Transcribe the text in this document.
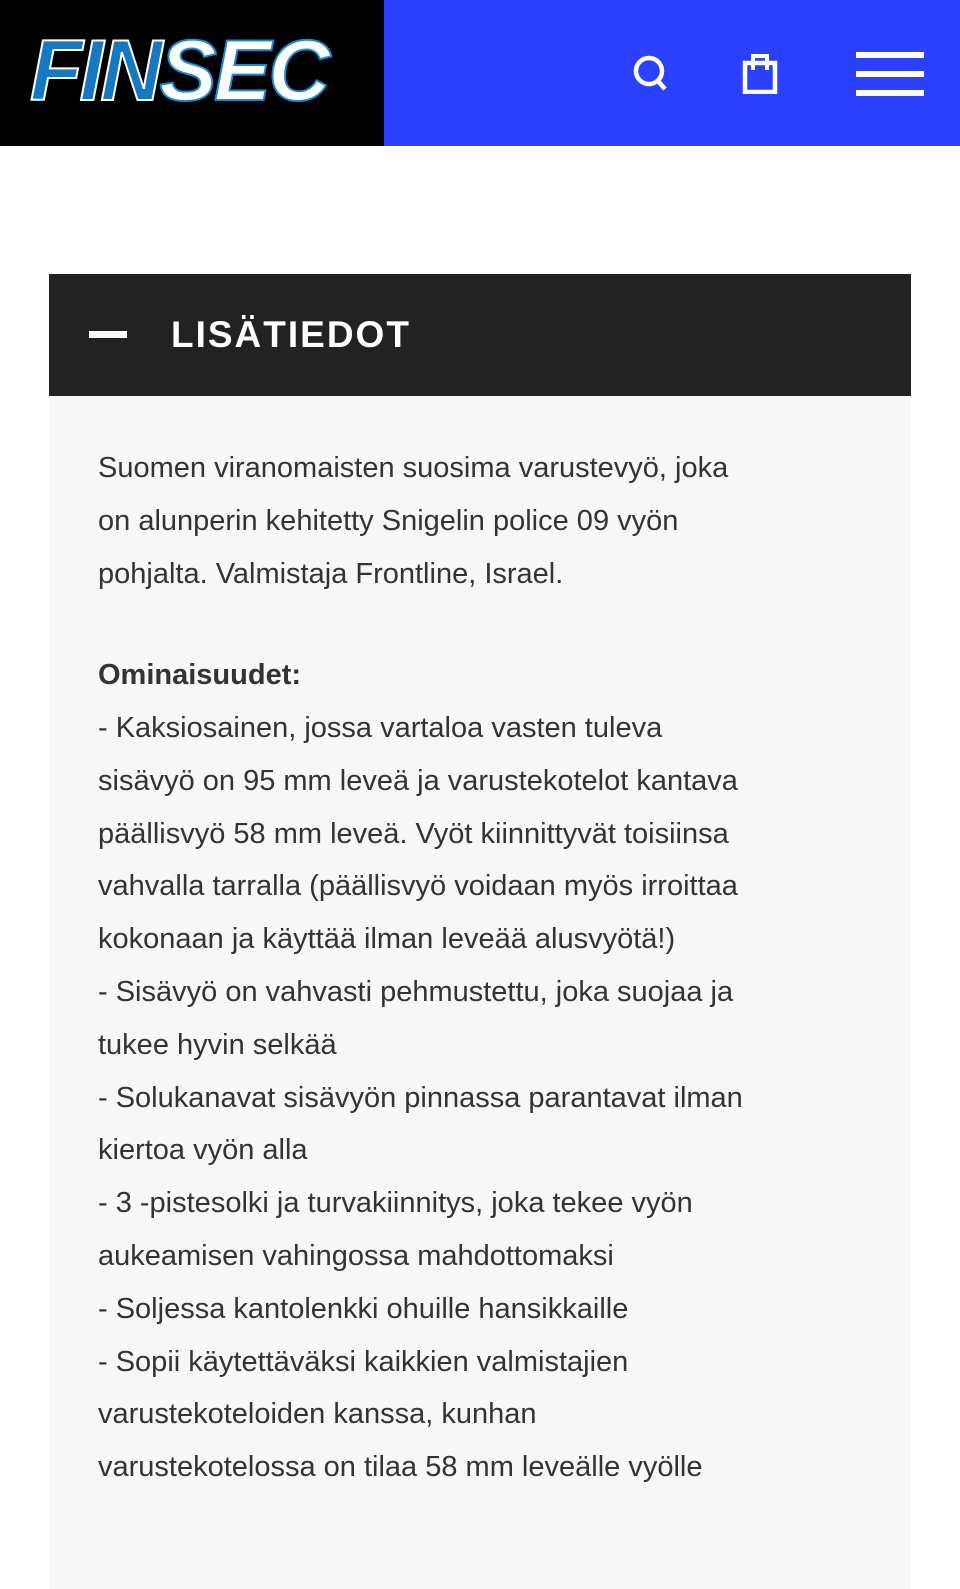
FINSEC
LISÄTIEDOT
Suomen viranomaisten suosima varustevyö, joka
on alunperin kehitetty Snigelin police 09 vyön
pohjalta. Valmistaja Frontline, Israel.
Ominaisuudet:
- Kaksiosainen, jossa vartaloa vasten tuleva
sisävyö on 95 mm leveä ja varustekotelot kantava
päällisvyö 58 mm leveä. Vyöt kiinnittyvät toisiinsa
vahvalla tarralla (päällisvyö voidaan myös irroittaa
kokonaan ja käyttää ilman leveää alusvyötä!)
- Sisävyö on vahvasti pehmustettu, joka suojaa ja
tukee hyvin selkää
- Solukanavat sisävyön pinnassa parantavat ilman
kiertoa vyön alla
- 3 -pistesolki ja turvakiinnitys, joka tekee vyön
aukeamisen vahingossa mahdottomaksi
- Soljessa kantolenkki ohuille hansikkaille
- Sopii käytettäväksi kaikkien valmistajien
varustekoteloiden kanssa, kunhan
varustekotelossa on tilaa 58 mm leveälle vyölle
